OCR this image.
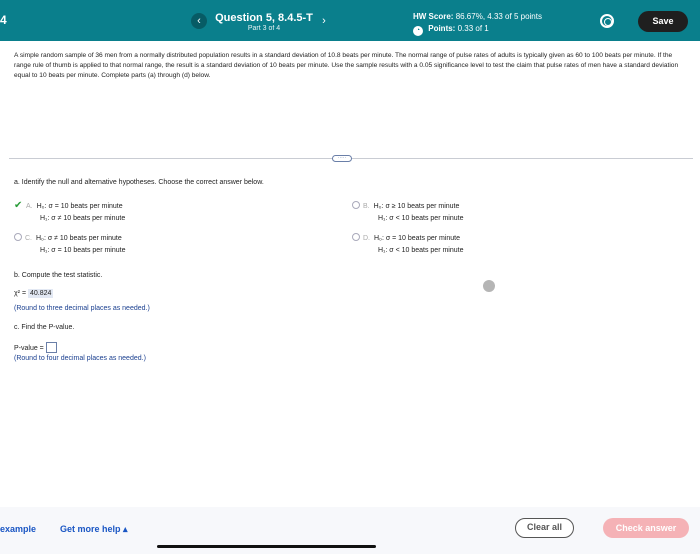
4	‹	Question 5, 8.4.5-T
Part 3 of 4
›	HW Score: 86.67%, 4.33 of 5 points
◔ Points: 0.33 of 1
Save
A simple random sample of 36 men from a normally distributed population results in a standard deviation of 10.8 beats per minute. The normal range of pulse rates of adults is typically given as 60 to 100 beats per minute. If the range rule of thumb is applied to that normal range, the result is a standard deviation of 10 beats per minute. Use the sample results with a 0.05 significance level to test the claim that pulse rates of men have a standard deviation equal to 10 beats per minute. Complete parts (a) through (d) below.
·····
a. Identify the null and alternative hypotheses. Choose the correct answer below.
✔ A. H₀: σ = 10 beats per minute
H₁: σ ≠ 10 beats per minute
B. H₀: σ ≥ 10 beats per minute
H₁: σ < 10 beats per minute
C. H₀: σ ≠ 10 beats per minute
H₁: σ = 10 beats per minute
D. H₀: σ = 10 beats per minute
H₁: σ < 10 beats per minute
b. Compute the test statistic.
χ² = 40.824
(Round to three decimal places as needed.)
c. Find the P-value.
P-value =
(Round to four decimal places as needed.)
example	Get more help ▴	Clear all	Check answer
